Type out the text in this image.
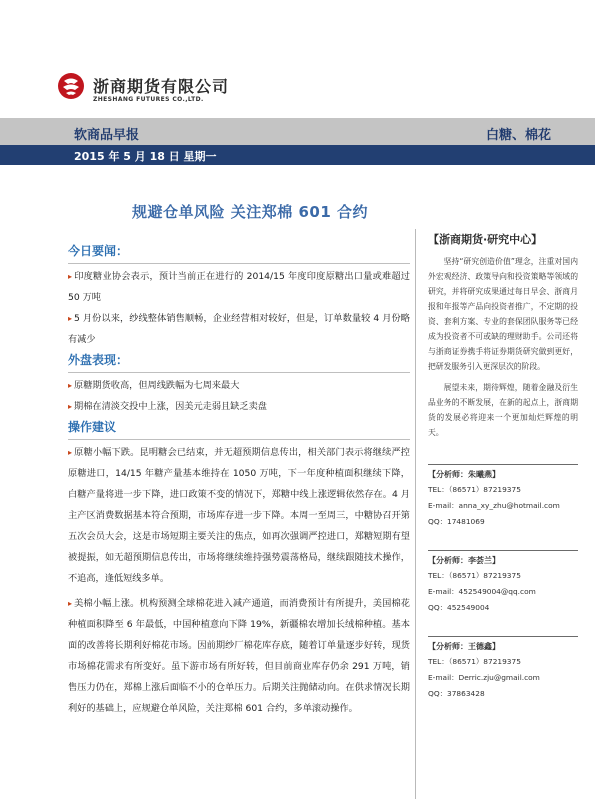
浙商期货有限公司
ZHESHANG FUTURES CO.,LTD.
软商品早报	白糖、棉花
2015 年 5 月 18 日 星期一
规避仓单风险 关注郑棉 601 合约
今日要闻：
▸ 印度糖业协会表示，预计当前正在进行的 2014/15 年度印度原糖出口量或难超过 50 万吨
▸ 5 月份以来，纱线整体销售顺畅，企业经营相对较好，但是，订单数量较 4 月份略有减少
外盘表现：
▸ 原糖期货收高，但周线跌幅为七周来最大
▸ 期棉在清淡交投中上涨，因美元走弱且缺乏卖盘
操作建议
▸ 原糖小幅下跌。昆明糖会已结束，并无超预期信息传出，相关部门表示将继续严控原糖进口，14/15 年糖产量基本维持在 1050 万吨，下一年度种植面积继续下降，白糖产量将进一步下降，进口政策不变的情况下，郑糖中线上涨逻辑依然存在。4 月主产区消费数据基本符合预期，市场库存进一步下降。本周一至周三，中糖协召开第五次会员大会，这是市场短期主要关注的焦点，如再次强调严控进口，郑糖短期有望被提振，如无超预期信息传出，市场将继续维持强势震荡格局，继续跟随技术操作，不追高，逢低短线多单。
▸ 美棉小幅上涨。机构预测全球棉花进入减产通道，而消费预计有所提升，美国棉花种植面积降至 6 年最低，中国种植意向下降 19%，新疆棉农增加长绒棉种植。基本面的改善将长期利好棉花市场。因前期纱厂棉花库存底，随着订单量逐步好转，现货市场棉花需求有所变好。虽下游市场有所好转，但目前商业库存仍余 291 万吨，销售压力仍在，郑棉上涨后面临不小的仓单压力。后期关注抛储动向。在供求情况长期利好的基础上，应规避仓单风险，关注郑棉 601 合约，多单滚动操作。
【浙商期货·研究中心】
坚持“研究创造价值”理念，注重对国内外宏观经济、政策导向和投资策略等领域的研究，并将研究成果通过每日早会、浙商月报和年报等产品向投资者推广，不定期的投资、套利方案、专业的套保团队服务等已经成为投资者不可或缺的理财助手。公司还将与浙商证券携手将证券期货研究做到更好，把研发服务引入更深层次的阶段。
展望未来，期待辉煌，随着金融及衍生品业务的不断发展，在新的起点上，浙商期货的发展必将迎来一个更加灿烂辉煌的明天。
【分析师：朱曦燕】
TEL：（86571）87219375
E-mail：anna_xy_zhu@hotmail.com
QQ：17481069
【分析师：李荟兰】
TEL：（86571）87219375
E-mail：452549004@qq.com
QQ：452549004
【分析师：王德鑫】
TEL：（86571）87219375
E-mail：Derric.zju@gmail.com
QQ：37863428
